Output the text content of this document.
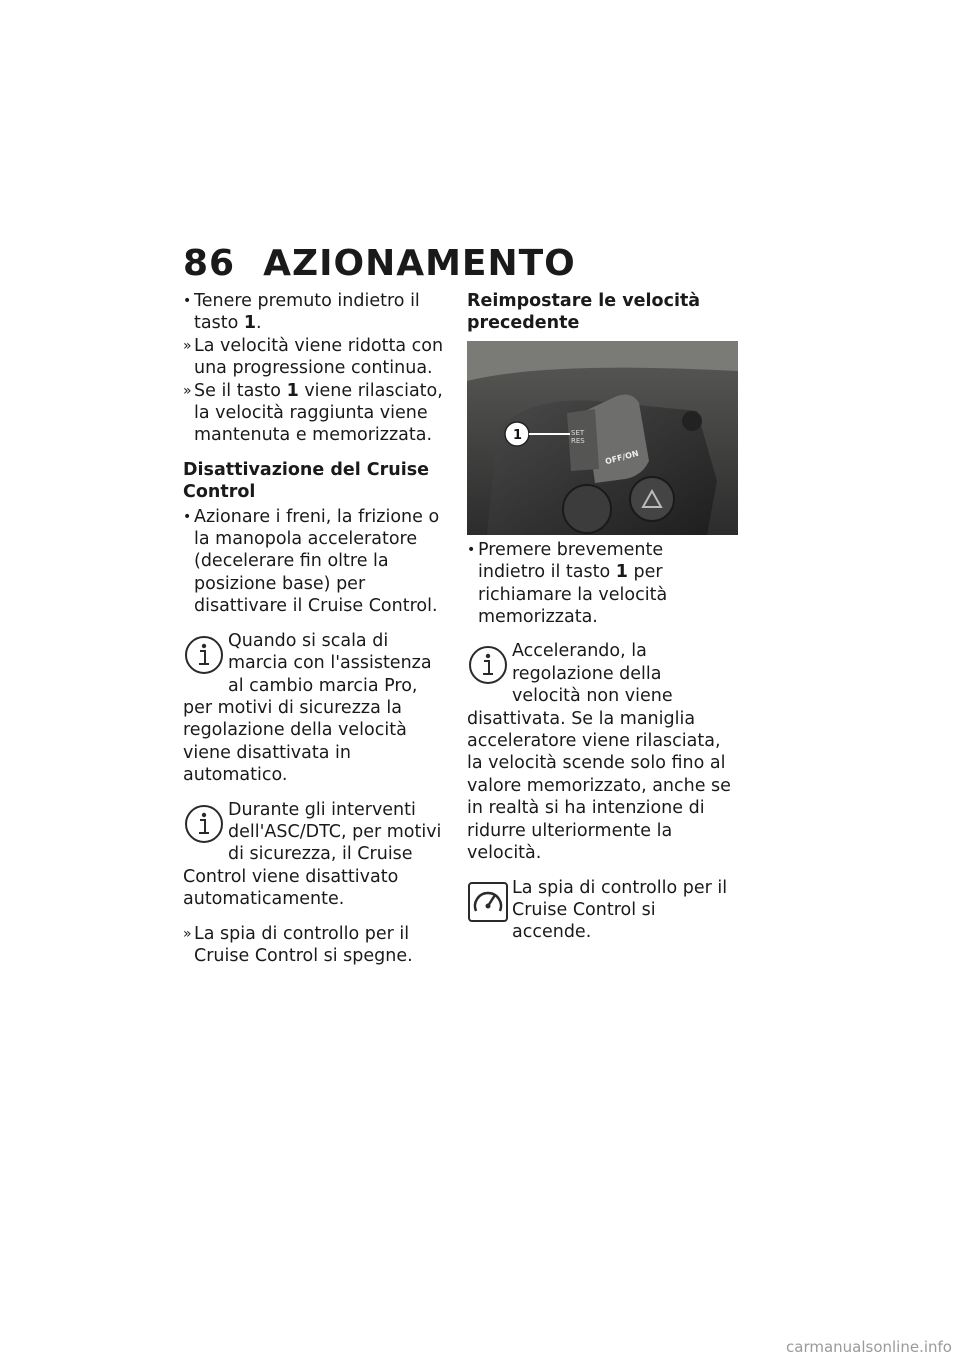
86 AZIONAMENTO
• Tenere premuto indietro il tasto 1.
» La velocità viene ridotta con una progressione continua.
» Se il tasto 1 viene rilasciato, la velocità raggiunta viene mantenuta e memorizzata.
Disattivazione del Cruise Control
• Azionare i freni, la frizione o la manopola acceleratore (decelerare fin oltre la posizione base) per disattivare il Cruise Control.

Quando si scala di marcia con l'assistenza al cambio marcia Pro, per motivi di sicurezza la regolazione della velocità viene disattivata in automatico.

Durante gli interventi dell'ASC/DTC, per motivi di sicurezza, il Cruise Control viene disattivato automaticamente.

» La spia di controllo per il Cruise Control si spegne.
Reimpostare le velocità precedente
SET RES
OFF/ON
1
• Premere brevemente indietro il tasto 1 per richiamare la velocità memorizzata.

Accelerando, la regolazione della velocità non viene disattivata. Se la maniglia acceleratore viene rilasciata, la velocità scende solo fino al valore memorizzato, anche se in realtà si ha intenzione di ridurre ulteriormente la velocità.

La spia di controllo per il Cruise Control si accende.

carmanualsonline.info
